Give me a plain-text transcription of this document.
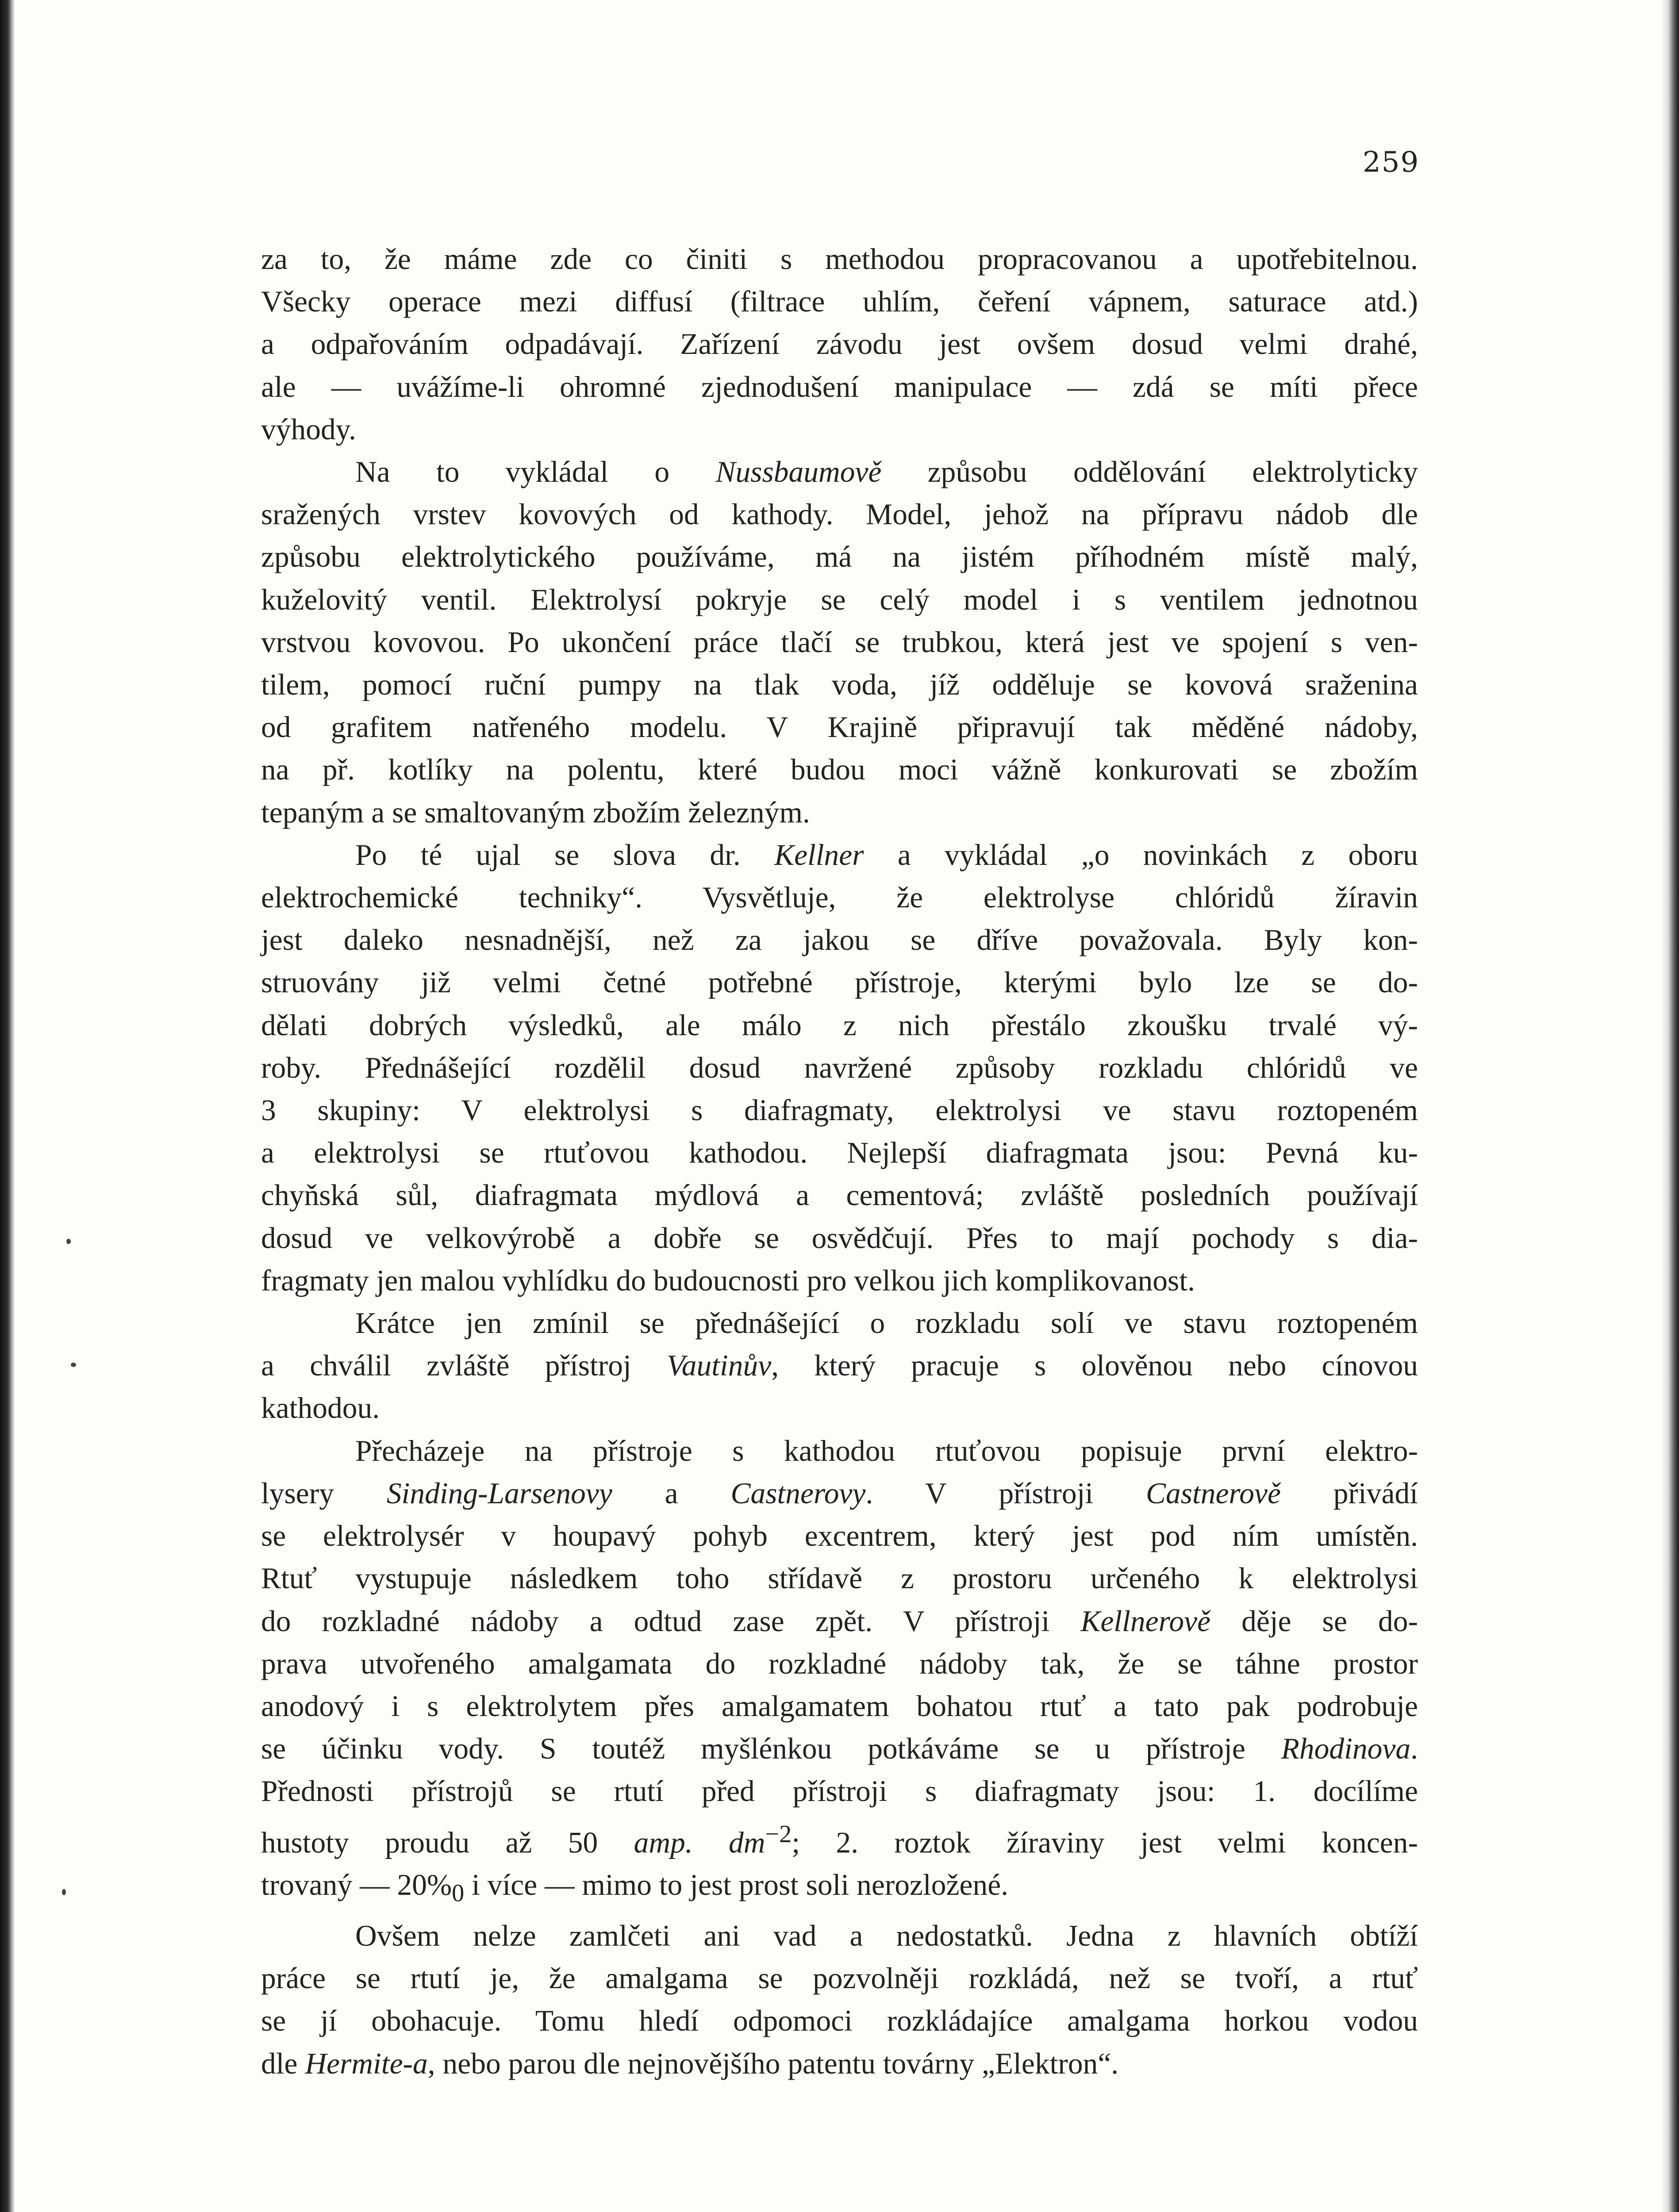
259
za to, že máme zde co činiti s methodou propracovanou a upotřebitelnou.
Všecky operace mezi diffusí (filtrace uhlím, čeření vápnem, saturace atd.)
a odpařováním odpadávají. Zařízení závodu jest ovšem dosud velmi drahé,
ale — uvážíme-li ohromné zjednodušení manipulace — zdá se míti přece
výhody.
Na to vykládal o Nussbaumově způsobu oddělování elektrolyticky
sražených vrstev kovových od kathody. Model, jehož na přípravu nádob dle
způsobu elektrolytického používáme, má na jistém příhodném místě malý,
kuželovitý ventil. Elektrolysí pokryje se celý model i s ventilem jednotnou
vrstvou kovovou. Po ukončení práce tlačí se trubkou, která jest ve spojení s ven-
tilem, pomocí ruční pumpy na tlak voda, jíž odděluje se kovová sraženina
od grafitem natřeného modelu. V Krajině připravují tak měděné nádoby,
na př. kotlíky na polentu, které budou moci vážně konkurovati se zbožím
tepaným a se smaltovaným zbožím železným.
Po té ujal se slova dr. Kellner a vykládal „o novinkách z oboru
elektrochemické techniky“. Vysvětluje, že elektrolyse chlóridů žíravin
jest daleko nesnadnější, než za jakou se dříve považovala. Byly kon-
struovány již velmi četné potřebné přístroje, kterými bylo lze se do-
dělati dobrých výsledků, ale málo z nich přestálo zkoušku trvalé vý-
roby. Přednášející rozdělil dosud navržené způsoby rozkladu chlóridů ve
3 skupiny: V elektrolysi s diafragmaty, elektrolysi ve stavu roztopeném
a elektrolysi se rtuťovou kathodou. Nejlepší diafragmata jsou: Pevná ku-
chyňská sůl, diafragmata mýdlová a cementová; zvláště posledních používají
dosud ve velkovýrobě a dobře se osvědčují. Přes to mají pochody s dia-
fragmaty jen malou vyhlídku do budoucnosti pro velkou jich komplikovanost.
Krátce jen zmínil se přednášející o rozkladu solí ve stavu roztopeném
a chválil zvláště přístroj Vautinův, který pracuje s olověnou nebo cínovou
kathodou.
Přecházeje na přístroje s kathodou rtuťovou popisuje první elektro-
lysery Sinding-Larsenovy a Castnerovy. V přístroji Castnerově přivádí
se elektrolysér v houpavý pohyb excentrem, který jest pod ním umístěn.
Rtuť vystupuje následkem toho střídavě z prostoru určeného k elektrolysi
do rozkladné nádoby a odtud zase zpět. V přístroji Kellnerově děje se do-
prava utvořeného amalgamata do rozkladné nádoby tak, že se táhne prostor
anodový i s elektrolytem přes amalgamatem bohatou rtuť a tato pak podrobuje
se účinku vody. S toutéž myšlénkou potkáváme se u přístroje Rhodinova.
Přednosti přístrojů se rtutí před přístroji s diafragmaty jsou: 1. docílíme
hustoty proudu až 50 amp. $dm^{-2}$; 2. roztok žíraviny jest velmi koncen-
trovaný — $20\%_0$ i více — mimo to jest prost soli nerozložené.
Ovšem nelze zamlčeti ani vad a nedostatků. Jedna z hlavních obtíží
práce se rtutí je, že amalgama se pozvolněji rozkládá, než se tvoří, a rtuť
se jí obohacuje. Tomu hledí odpomoci rozkládajíce amalgama horkou vodou
dle Hermite-a, nebo parou dle nejnovějšího patentu továrny „Elektron“.
